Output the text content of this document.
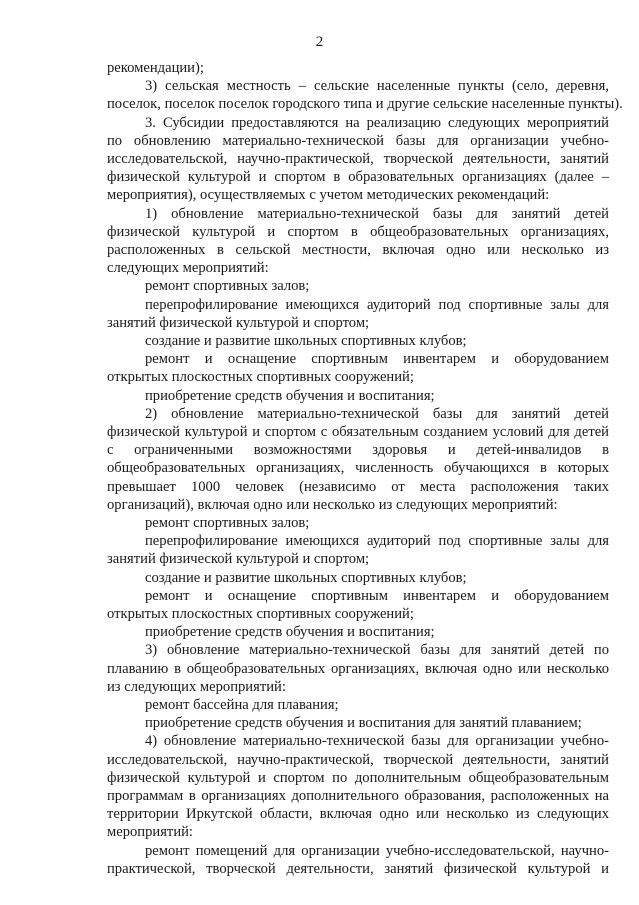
2
рекомендации);
3) сельская местность – сельские населенные пункты (село, деревня,
поселок, поселок поселок городского типа и другие сельские населенные пункты).
3. Субсидии предоставляются на реализацию следующих мероприятий
по обновлению материально-технической базы для организации учебно-
исследовательской, научно-практической, творческой деятельности, занятий
физической культурой и спортом в образовательных организациях (далее –
мероприятия), осуществляемых с учетом методических рекомендаций:
1) обновление материально-технической базы для занятий детей
физической культурой и спортом в общеобразовательных организациях,
расположенных в сельской местности, включая одно или несколько из
следующих мероприятий:
ремонт спортивных залов;
перепрофилирование имеющихся аудиторий под спортивные залы для
занятий физической культурой и спортом;
создание и развитие школьных спортивных клубов;
ремонт и оснащение спортивным инвентарем и оборудованием
открытых плоскостных спортивных сооружений;
приобретение средств обучения и воспитания;
2) обновление материально-технической базы для занятий детей
физической культурой и спортом с обязательным созданием условий для детей
с ограниченными возможностями здоровья и детей-инвалидов в
общеобразовательных организациях, численность обучающихся в которых
превышает 1000 человек (независимо от места расположения таких
организаций), включая одно или несколько из следующих мероприятий:
ремонт спортивных залов;
перепрофилирование имеющихся аудиторий под спортивные залы для
занятий физической культурой и спортом;
создание и развитие школьных спортивных клубов;
ремонт и оснащение спортивным инвентарем и оборудованием
открытых плоскостных спортивных сооружений;
приобретение средств обучения и воспитания;
3) обновление материально-технической базы для занятий детей по
плаванию в общеобразовательных организациях, включая одно или несколько
из следующих мероприятий:
ремонт бассейна для плавания;
приобретение средств обучения и воспитания для занятий плаванием;
4) обновление материально-технической базы для организации учебно-
исследовательской, научно-практической, творческой деятельности, занятий
физической культурой и спортом по дополнительным общеобразовательным
программам в организациях дополнительного образования, расположенных на
территории Иркутской области, включая одно или несколько из следующих
мероприятий:
ремонт помещений для организации учебно-исследовательской, научно-
практической, творческой деятельности, занятий физической культурой и
